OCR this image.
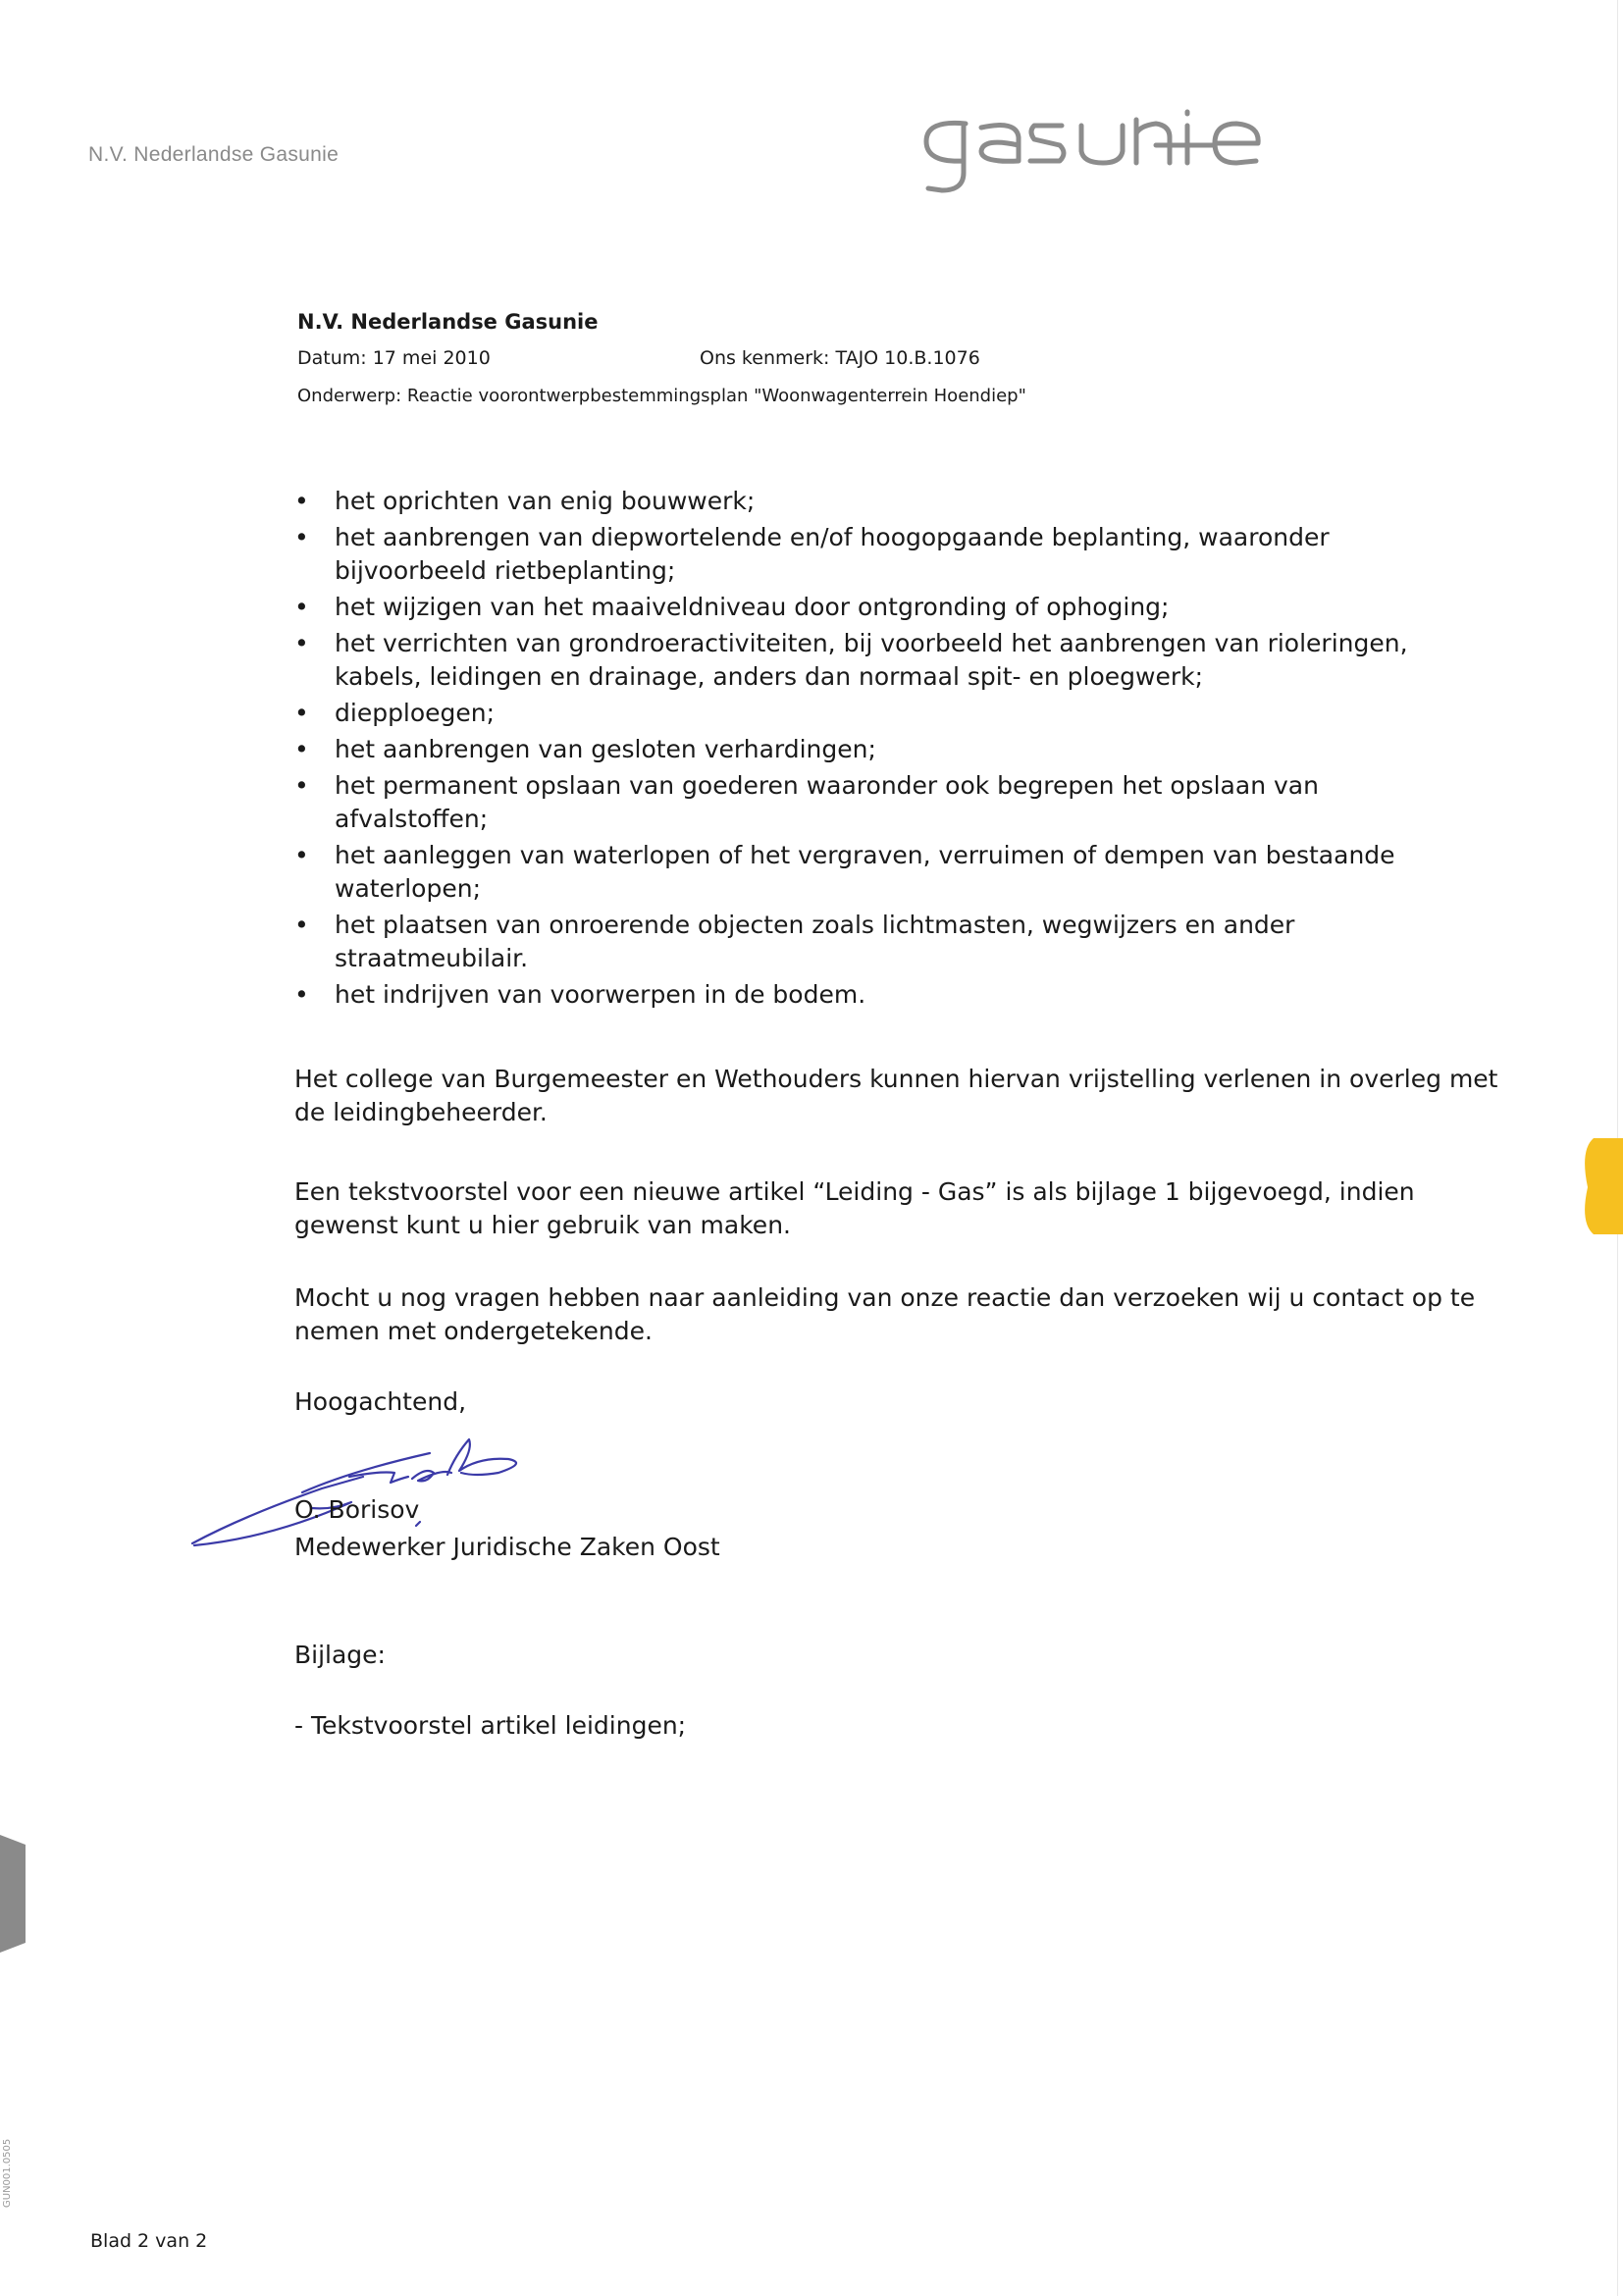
N.V. Nederlandse Gasunie
N.V. Nederlandse Gasunie
Datum: 17 mei 2010	Ons kenmerk: TAJO 10.B.1076
Onderwerp: Reactie voorontwerpbestemmingsplan "Woonwagenterrein Hoendiep"
• het oprichten van enig bouwwerk;
• het aanbrengen van diepwortelende en/of hoogopgaande beplanting, waaronder bijvoorbeeld rietbeplanting;
• het wijzigen van het maaiveldniveau door ontgronding of ophoging;
• het verrichten van grondroeractiviteiten, bij voorbeeld het aanbrengen van rioleringen, kabels, leidingen en drainage, anders dan normaal spit- en ploegwerk;
• diepploegen;
• het aanbrengen van gesloten verhardingen;
• het permanent opslaan van goederen waaronder ook begrepen het opslaan van afvalstoffen;
• het aanleggen van waterlopen of het vergraven, verruimen of dempen van bestaande waterlopen;
• het plaatsen van onroerende objecten zoals lichtmasten, wegwijzers en ander straatmeubilair.
• het indrijven van voorwerpen in de bodem.

Het college van Burgemeester en Wethouders kunnen hiervan vrijstelling verlenen in overleg met de leidingbeheerder.

Een tekstvoorstel voor een nieuwe artikel “Leiding - Gas” is als bijlage 1 bijgevoegd, indien gewenst kunt u hier gebruik van maken.

Mocht u nog vragen hebben naar aanleiding van onze reactie dan verzoeken wij u contact op te nemen met ondergetekende.

Hoogachtend,
O. Borisov
Medewerker Juridische Zaken Oost
Bijlage:
- Tekstvoorstel artikel leidingen;
Blad 2 van 2
GUN001.0505
